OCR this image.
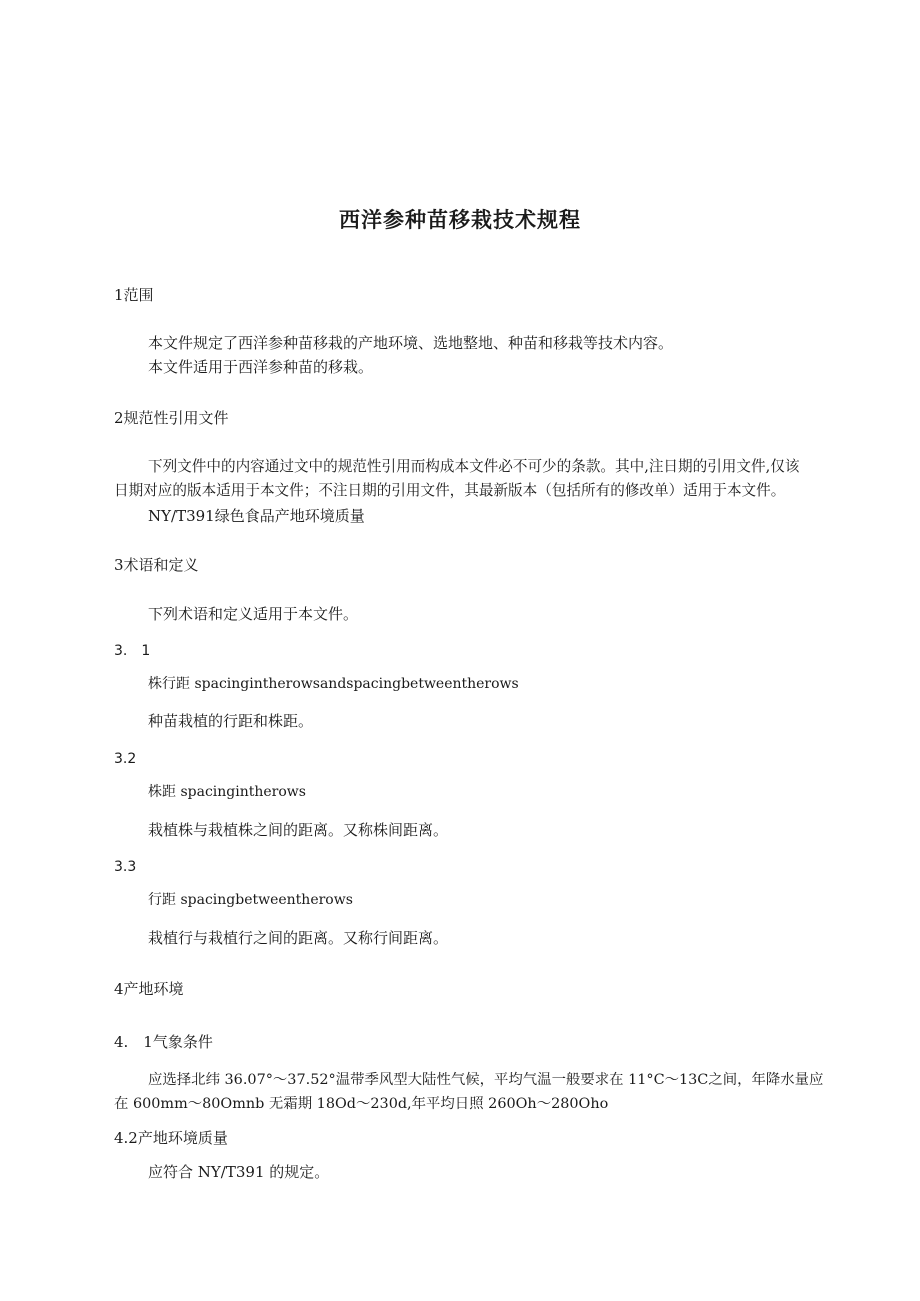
西洋参种苗移栽技术规程
1范围
本文件规定了西洋参种苗移栽的产地环境、选地整地、种苗和移栽等技术内容。
本文件适用于西洋参种苗的移栽。
2规范性引用文件
下列文件中的内容通过文中的规范性引用而构成本文件必不可少的条款。其中,注日期的引用文件,仅该
日期对应的版本适用于本文件；不注日期的引用文件，其最新版本（包括所有的修改单）适用于本文件。
NY/T391绿色食品产地环境质量
3术语和定义
下列术语和定义适用于本文件。
3.　1
株行距 spacingintherowsandspacingbetweentherows
种苗栽植的行距和株距。
3.2
株距 spacingintherows
栽植株与栽植株之间的距离。又称株间距离。
3.3
行距 spacingbetweentherows
栽植行与栽植行之间的距离。又称行间距离。
4产地环境
4.　1气象条件
应选择北纬 36.07°～37.52°温带季风型大陆性气候，平均气温一般要求在 11°C～13C之间，年降水量应
在 600mm～80Omnb 无霜期 18Od～230d,年平均日照 260Oh～280Oho
4.2产地环境质量
应符合 NY/T391 的规定。
